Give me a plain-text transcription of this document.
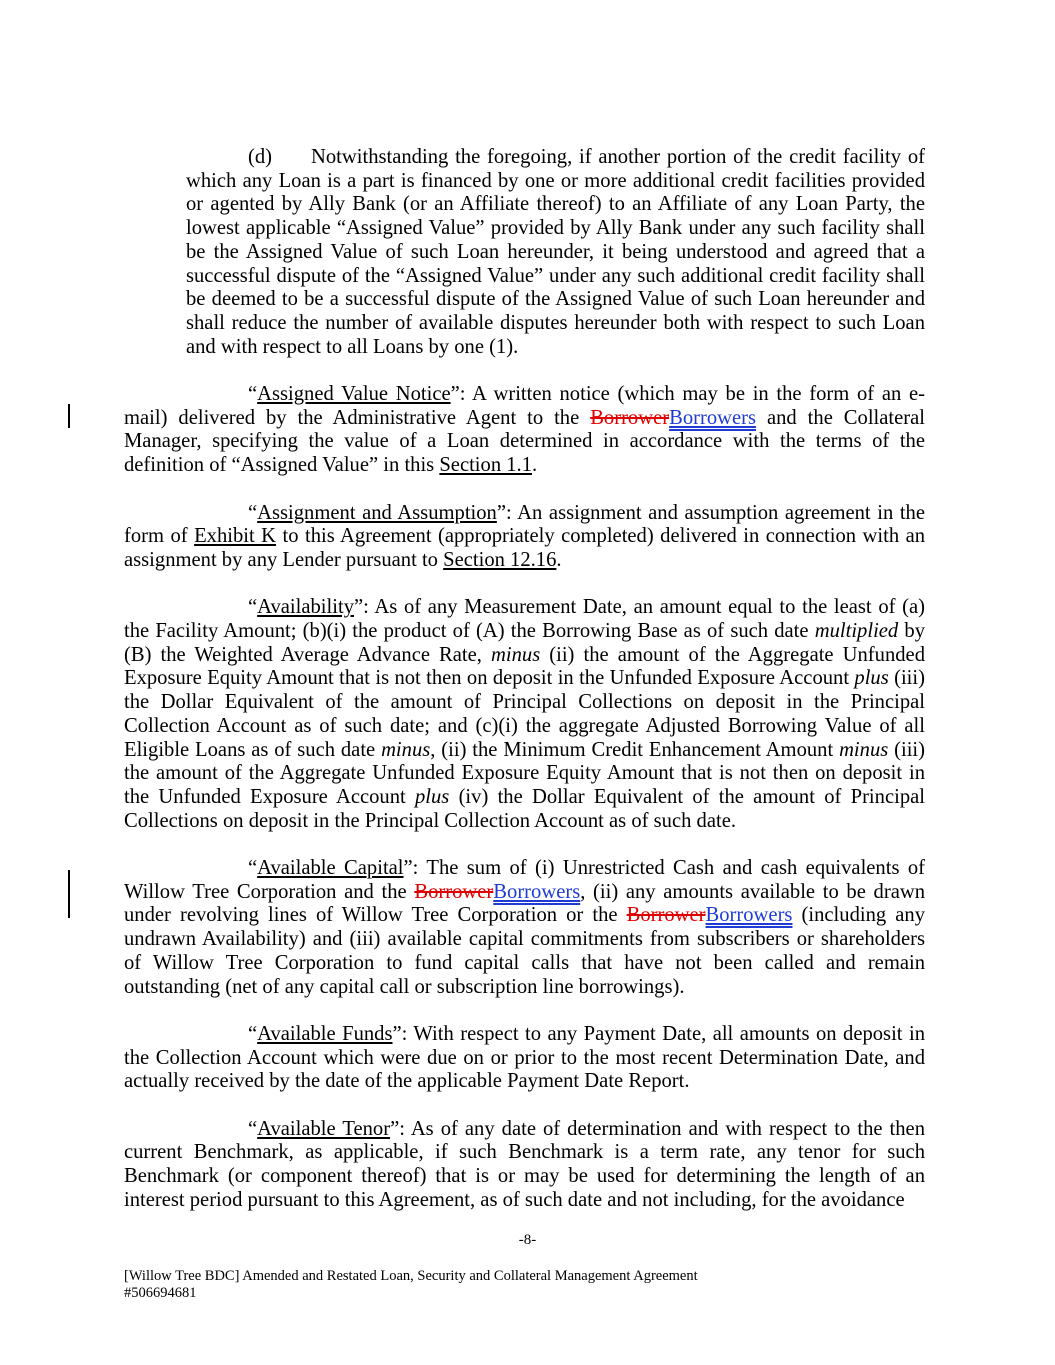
(d) Notwithstanding the foregoing, if another portion of the credit facility of which any Loan is a part is financed by one or more additional credit facilities provided or agented by Ally Bank (or an Affiliate thereof) to an Affiliate of any Loan Party, the lowest applicable “Assigned Value” provided by Ally Bank under any such facility shall be the Assigned Value of such Loan hereunder, it being understood and agreed that a successful dispute of the “Assigned Value” under any such additional credit facility shall be deemed to be a successful dispute of the Assigned Value of such Loan hereunder and shall reduce the number of available disputes hereunder both with respect to such Loan and with respect to all Loans by one (1).

“Assigned Value Notice”: A written notice (which may be in the form of an e-mail) delivered by the Administrative Agent to the BorrowerBorrowers and the Collateral Manager, specifying the value of a Loan determined in accordance with the terms of the definition of “Assigned Value” in this Section 1.1.

“Assignment and Assumption”: An assignment and assumption agreement in the form of Exhibit K to this Agreement (appropriately completed) delivered in connection with an assignment by any Lender pursuant to Section 12.16.

“Availability”: As of any Measurement Date, an amount equal to the least of (a) the Facility Amount; (b)(i) the product of (A) the Borrowing Base as of such date multiplied by (B) the Weighted Average Advance Rate, minus (ii) the amount of the Aggregate Unfunded Exposure Equity Amount that is not then on deposit in the Unfunded Exposure Account plus (iii) the Dollar Equivalent of the amount of Principal Collections on deposit in the Principal Collection Account as of such date; and (c)(i) the aggregate Adjusted Borrowing Value of all Eligible Loans as of such date minus, (ii) the Minimum Credit Enhancement Amount minus (iii) the amount of the Aggregate Unfunded Exposure Equity Amount that is not then on deposit in the Unfunded Exposure Account plus (iv) the Dollar Equivalent of the amount of Principal Collections on deposit in the Principal Collection Account as of such date.

“Available Capital”: The sum of (i) Unrestricted Cash and cash equivalents of Willow Tree Corporation and the BorrowerBorrowers, (ii) any amounts available to be drawn under revolving lines of Willow Tree Corporation or the BorrowerBorrowers (including any undrawn Availability) and (iii) available capital commitments from subscribers or shareholders of Willow Tree Corporation to fund capital calls that have not been called and remain outstanding (net of any capital call or subscription line borrowings).

“Available Funds”: With respect to any Payment Date, all amounts on deposit in the Collection Account which were due on or prior to the most recent Determination Date, and actually received by the date of the applicable Payment Date Report.

“Available Tenor”: As of any date of determination and with respect to the then current Benchmark, as applicable, if such Benchmark is a term rate, any tenor for such Benchmark (or component thereof) that is or may be used for determining the length of an interest period pursuant to this Agreement, as of such date and not including, for the avoidance

-8-
[Willow Tree BDC] Amended and Restated Loan, Security and Collateral Management Agreement
#506694681
